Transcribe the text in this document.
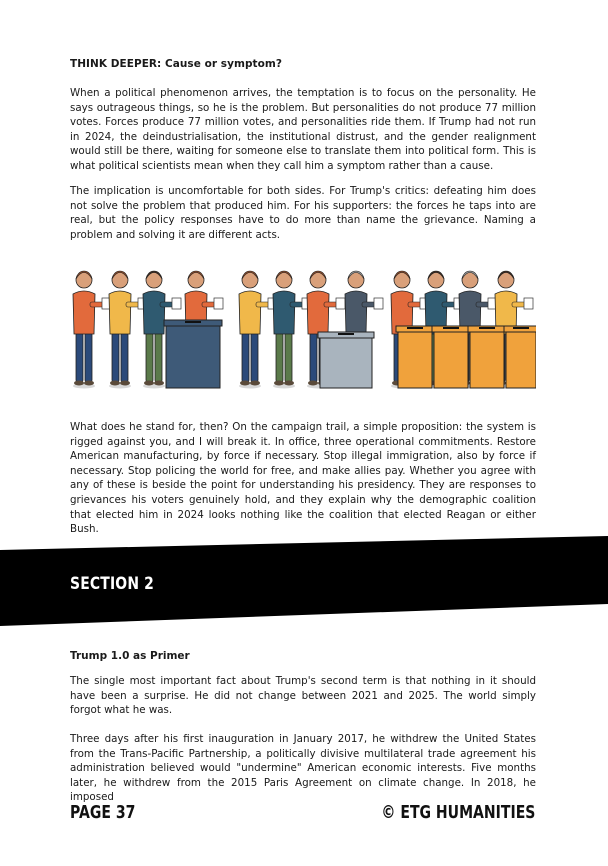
THINK DEEPER: Cause or symptom?

When a political phenomenon arrives, the temptation is to focus on the personality. He says outrageous things, so he is the problem. But personalities do not produce 77 million votes. Forces produce 77 million votes, and personalities ride them. If Trump had not run in 2024, the deindustrialisation, the institutional distrust, and the gender realignment would still be there, waiting for someone else to translate them into political form. This is what political scientists mean when they call him a symptom rather than a cause.

The implication is uncomfortable for both sides. For Trump's critics: defeating him does not solve the problem that produced him. For his supporters: the forces he taps into are real, but the policy responses have to do more than name the grievance. Naming a problem and solving it are different acts.

What does he stand for, then? On the campaign trail, a simple proposition: the system is rigged against you, and I will break it. In office, three operational commitments. Restore American manufacturing, by force if necessary. Stop illegal immigration, also by force if necessary. Stop policing the world for free, and make allies pay. Whether you agree with any of these is beside the point for understanding his presidency. They are responses to grievances his voters genuinely hold, and they explain why the demographic coalition that elected him in 2024 looks nothing like the coalition that elected Reagan or either Bush.

SECTION 2
Trump 1.0 as Primer

The single most important fact about Trump's second term is that nothing in it should have been a surprise. He did not change between 2021 and 2025. The world simply forgot what he was.

Three days after his first inauguration in January 2017, he withdrew the United States from the Trans-Pacific Partnership, a politically divisive multilateral trade agreement his administration believed would "undermine" American economic interests. Five months later, he withdrew from the 2015 Paris Agreement on climate change. In 2018, he imposed

PAGE 37	© ETG HUMANITIES
